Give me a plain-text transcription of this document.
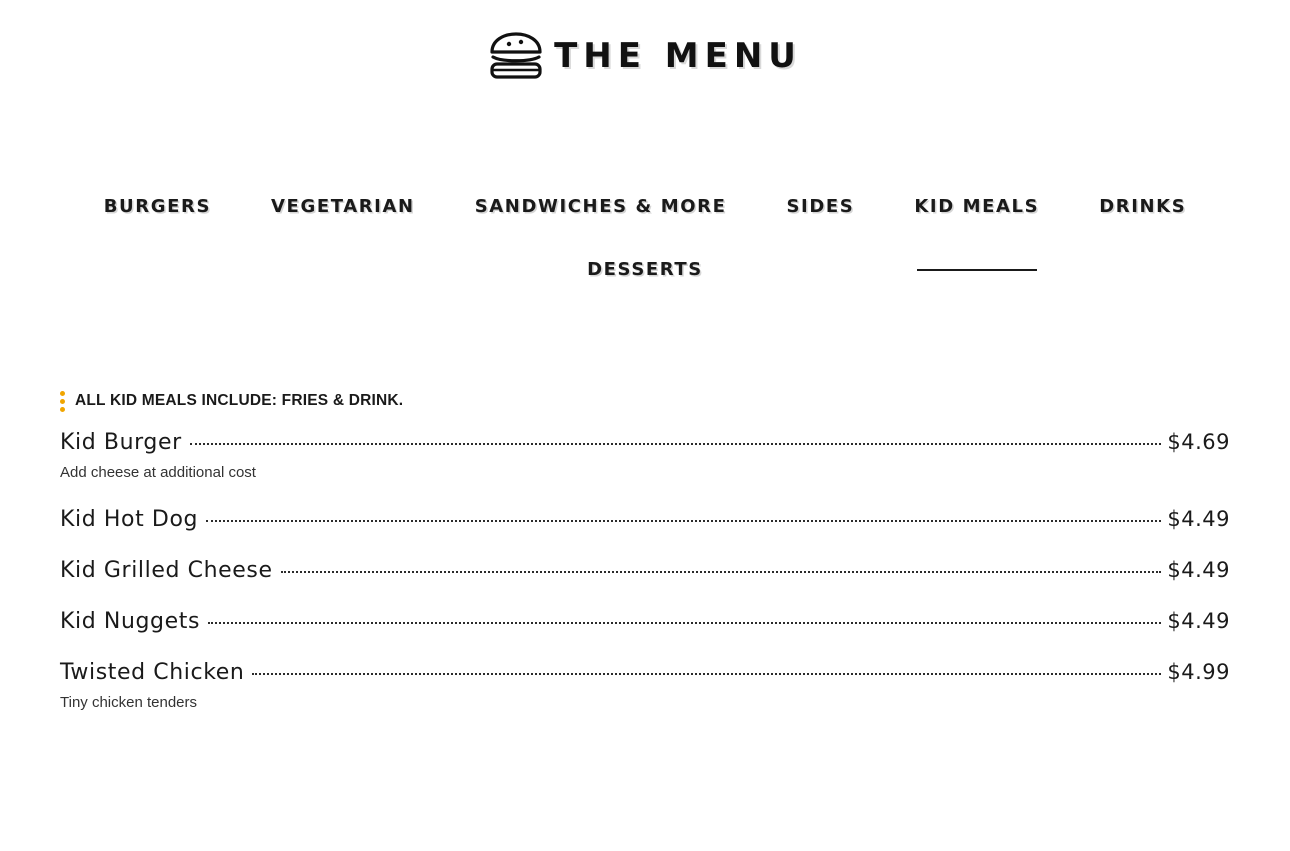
THE MENU
BURGERS	VEGETARIAN	SANDWICHES & MORE	SIDES	KID MEALS	DRINKS
DESSERTS
ALL KID MEALS INCLUDE: FRIES & DRINK.
Kid Burger	$4.69
Add cheese at additional cost
Kid Hot Dog	$4.49
Kid Grilled Cheese	$4.49
Kid Nuggets	$4.49
Twisted Chicken	$4.99
Tiny chicken tenders
